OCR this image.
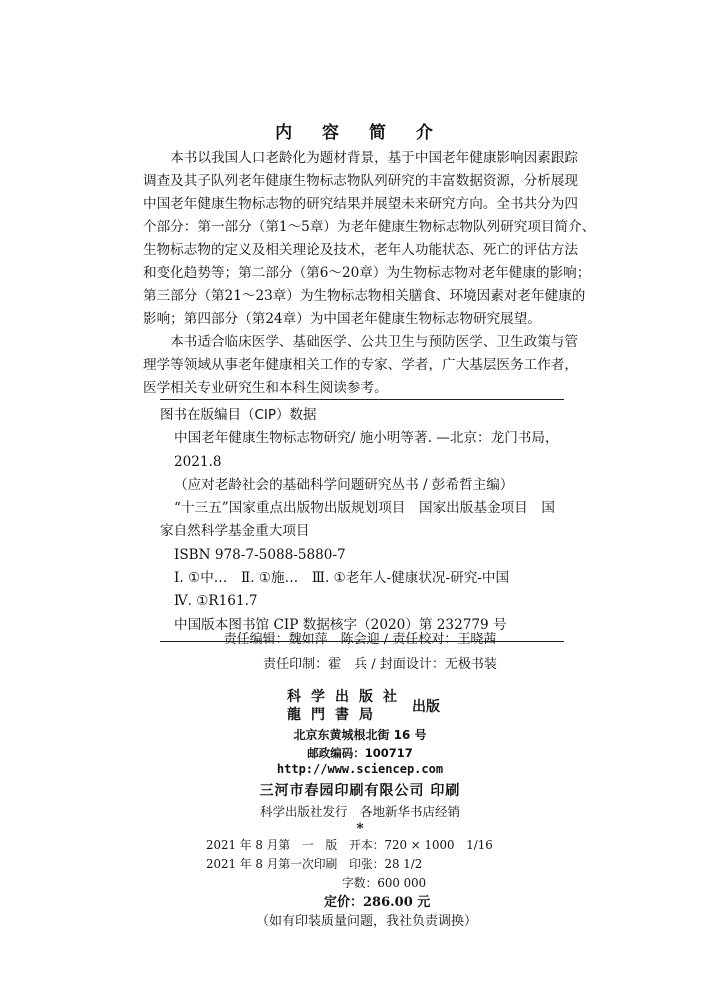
内 容 简 介

本书以我国人口老龄化为题材背景，基于中国老年健康影响因素跟踪
调查及其子队列老年健康生物标志物队列研究的丰富数据资源，分析展现
中国老年健康生物标志物的研究结果并展望未来研究方向。全书共分为四
个部分：第一部分（第1～5章）为老年健康生物标志物队列研究项目简介、
生物标志物的定义及相关理论及技术，老年人功能状态、死亡的评估方法
和变化趋势等；第二部分（第6～20章）为生物标志物对老年健康的影响；
第三部分（第21～23章）为生物标志物相关膳食、环境因素对老年健康的
影响；第四部分（第24章）为中国老年健康生物标志物研究展望。

本书适合临床医学、基础医学、公共卫生与预防医学、卫生政策与管
理学等领域从事老年健康相关工作的专家、学者，广大基层医务工作者，
医学相关专业研究生和本科生阅读参考。

图书在版编目（CIP）数据
中国老年健康生物标志物研究/ 施小明等著. —北京：龙门书局，
2021.8
（应对老龄社会的基础科学问题研究丛书 / 彭希哲主编）
“十三五”国家重点出版物出版规划项目　国家出版基金项目　国
家自然科学基金重大项目
ISBN 978-7-5088-5880-7
Ⅰ. ①中…　Ⅱ. ①施…　Ⅲ. ①老年人-健康状况-研究-中国
Ⅳ. ①R161.7
中国版本图书馆 CIP 数据核字（2020）第 232779 号
责任编辑：魏如萍　陈会迎 / 责任校对：王晓茜
责任印制：霍　兵 / 封面设计：无极书装
科学出版社
龍門書局	出版
北京东黄城根北街 16 号
邮政编码：100717
http://www.sciencep.com
三河市春园印刷有限公司 印刷
科学出版社发行　各地新华书店经销
*
2021 年 8 月第　一　版　开本：720 × 1000　1/16
2021 年 8 月第一次印刷　印张：28 1/2
字数：600 000
定价：286.00 元
（如有印装质量问题，我社负责调换）
